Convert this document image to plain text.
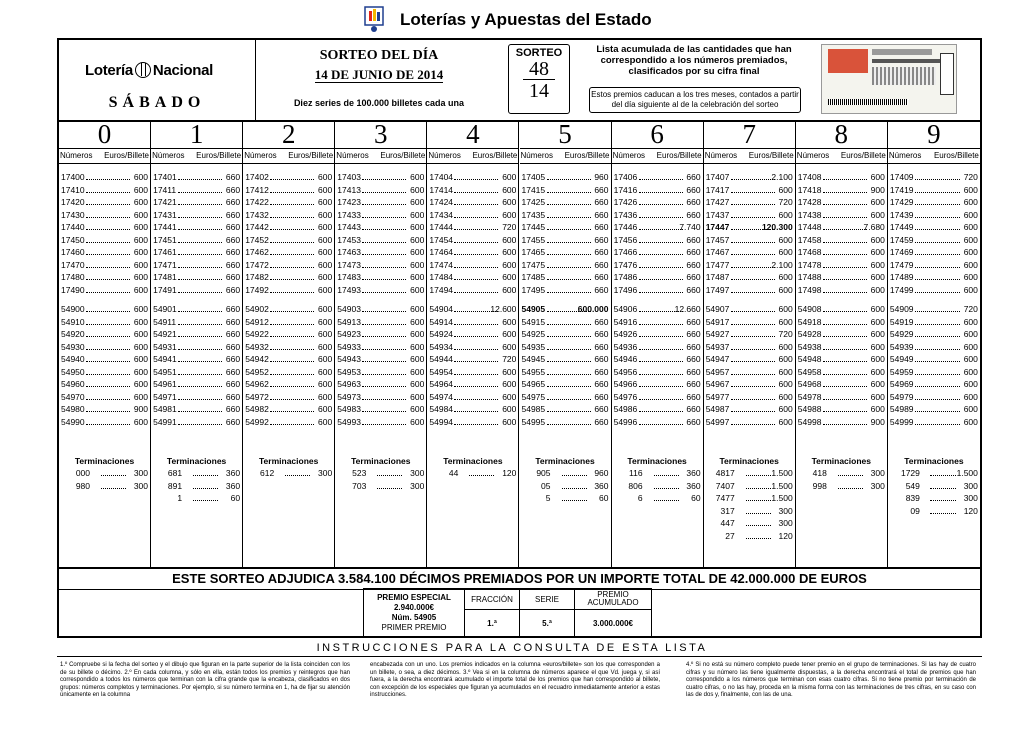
Loterías y Apuestas del Estado
Lotería Nacional
SÁBADO
SORTEO DEL DÍA
14 DE JUNIO DE 2014
Diez series de 100.000 billetes cada una
SORTEO
48
14
Lista acumulada de las cantidades que han correspondido a los números premiados, clasificados por su cifra final
Estos premios caducan a los tres meses, contados a partir del día siguiente al de la celebración del sorteo
0
Números Euros/Billete
17400	600
17410	600
17420	600
17430	600
17440	600
17450	600
17460	600
17470	600
17480	600
17490	600
54900	600
54910	600
54920	600
54930	600
54940	600
54950	600
54960	600
54970	600
54980	900
54990	600
Terminaciones
000	300
980	300
1
Números Euros/Billete
17401	660
17411	660
17421	660
17431	660
17441	660
17451	660
17461	660
17471	660
17481	660
17491	660
54901	660
54911	660
54921	660
54931	660
54941	660
54951	660
54961	660
54971	660
54981	660
54991	660
Terminaciones
681	360
891	360
1	60
2
Números Euros/Billete
17402	600
17412	600
17422	600
17432	600
17442	600
17452	600
17462	600
17472	600
17482	600
17492	600
54902	600
54912	600
54922	600
54932	600
54942	600
54952	600
54962	600
54972	600
54982	600
54992	600
Terminaciones
612	300
3
Números Euros/Billete
17403	600
17413	600
17423	600
17433	600
17443	600
17453	600
17463	600
17473	600
17483	600
17493	600
54903	600
54913	600
54923	600
54933	600
54943	600
54953	600
54963	600
54973	600
54983	600
54993	600
Terminaciones
523	300
703	300
4
Números Euros/Billete
17404	600
17414	600
17424	600
17434	600
17444	720
17454	600
17464	600
17474	600
17484	600
17494	600
54904	12.600
54914	600
54924	600
54934	600
54944	720
54954	600
54964	600
54974	600
54984	600
54994	600
Terminaciones
44	120
5
Números Euros/Billete
17405	960
17415	660
17425	660
17435	660
17445	660
17455	660
17465	660
17475	660
17485	660
17495	660
54905	600.000
54915	660
54925	660
54935	660
54945	660
54955	660
54965	660
54975	660
54985	660
54995	660
Terminaciones
905	960
05	360
5	60
6
Números Euros/Billete
17406	660
17416	660
17426	660
17436	660
17446	7.740
17456	660
17466	660
17476	660
17486	660
17496	660
54906	12.660
54916	660
54926	660
54936	660
54946	660
54956	660
54966	660
54976	660
54986	660
54996	660
Terminaciones
116	360
806	360
6	60
7
Números Euros/Billete
17407	2.100
17417	600
17427	720
17437	600
17447	120.300
17457	600
17467	600
17477	2.100
17487	600
17497	600
54907	600
54917	600
54927	720
54937	600
54947	600
54957	600
54967	600
54977	600
54987	600
54997	600
Terminaciones
4817	1.500
7407	1.500
7477	1.500
317	300
447	300
27	120
8
Números Euros/Billete
17408	600
17418	900
17428	600
17438	600
17448	7.680
17458	600
17468	600
17478	600
17488	600
17498	600
54908	600
54918	600
54928	600
54938	600
54948	600
54958	600
54968	600
54978	600
54988	600
54998	900
Terminaciones
418	300
998	300
9
Números Euros/Billete
17409	720
17419	600
17429	600
17439	600
17449	600
17459	600
17469	600
17479	600
17489	600
17499	600
54909	720
54919	600
54929	600
54939	600
54949	600
54959	600
54969	600
54979	600
54989	600
54999	600
Terminaciones
1729	1.500
549	300
839	300
09	120
ESTE SORTEO ADJUDICA 3.584.100 DÉCIMOS PREMIADOS POR UN IMPORTE TOTAL DE 42.000.000 DE EUROS
PREMIO ESPECIAL
2.940.000€
Núm. 54905
PRIMER PREMIO	FRACCIÓN	SERIE	PREMIO ACUMULADO
	1.ª	5.ª	3.000.000€
INSTRUCCIONES PARA LA CONSULTA DE ESTA LISTA
1.º Compruebe si la fecha del sorteo y el dibujo que figuran en la parte superior de la lista coinciden con los de su billete o décimo. 2.º En cada columna, y sólo en ella, están todos los premios y reintegros que han correspondido a todos los números que terminan con la cifra grande que la encabeza, clasificados en dos grupos: números completos y terminaciones. Por ejemplo, si su número termina en 1, ha de fijar su atención únicamente en la columna
encabezada con un uno. Los premios indicados en la columna «euros/billete» son los que corresponden a un billete, o sea, a diez décimos. 3.º Vea si en la columna de números aparece el que Vd. juega y, si así fuera, a la derecha encontrará acumulado el importe total de los premios que han correspondido al billete, con excepción de los especiales que figuran ya acumulados en el recuadro inmediatamente anterior a estas instrucciones.
4.º Si no está su número completo puede tener premio en el grupo de terminaciones. Si las hay de cuatro cifras y su número las tiene igualmente dispuestas, a la derecha encontrará el total de premios que han correspondido a los números que terminan con esas cuatro cifras. Si no tiene premio por terminación de cuatro cifras, o no las hay, proceda en la misma forma con las terminaciones de tres cifras, en su caso con las de dos y, finalmente, con las de una.
